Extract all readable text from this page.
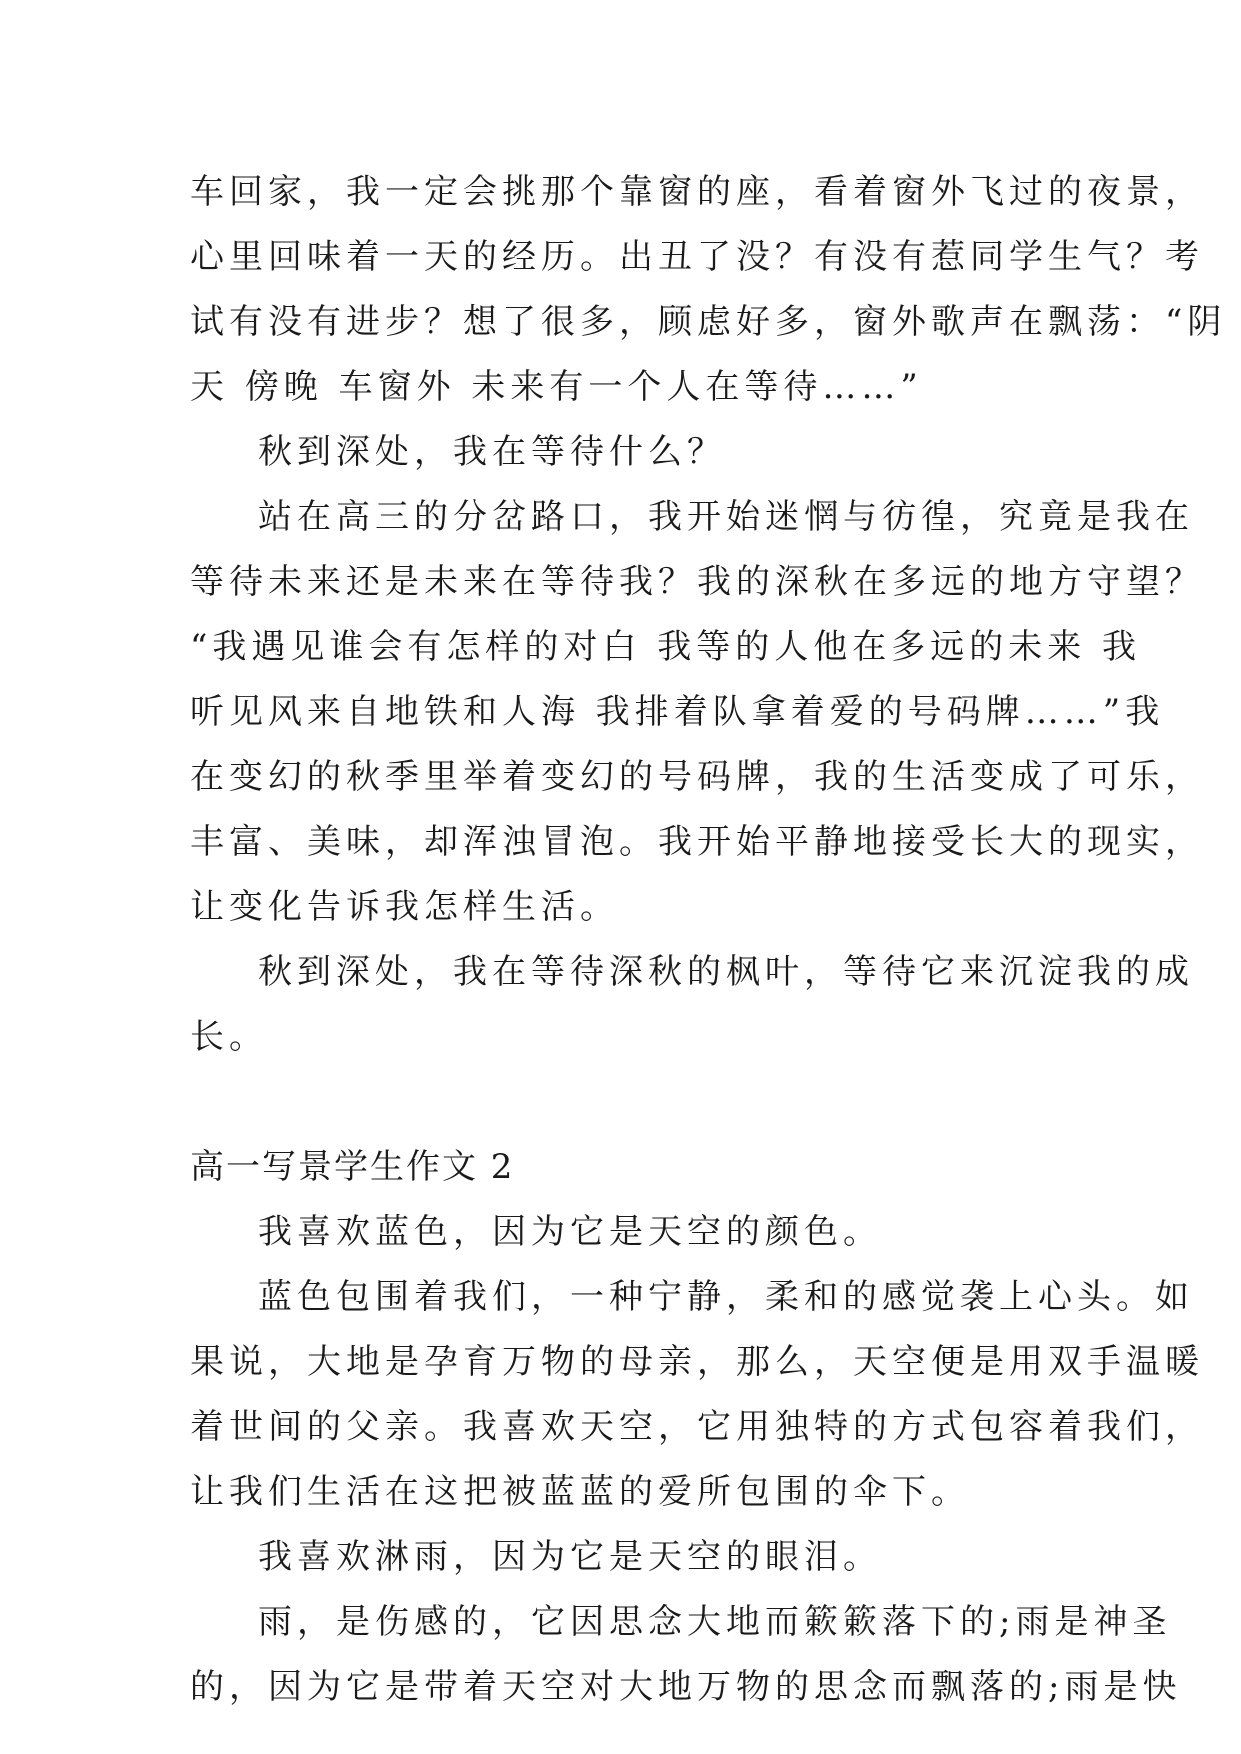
车回家，我一定会挑那个靠窗的座，看着窗外飞过的夜景，
心里回味着一天的经历。出丑了没？有没有惹同学生气？考
试有没有进步？想了很多，顾虑好多，窗外歌声在飘荡：“阴
天 傍晚 车窗外 未来有一个人在等待……”
秋到深处，我在等待什么？
站在高三的分岔路口，我开始迷惘与彷徨，究竟是我在
等待未来还是未来在等待我？我的深秋在多远的地方守望？
“我遇见谁会有怎样的对白 我等的人他在多远的未来 我
听见风来自地铁和人海 我排着队拿着爱的号码牌……”我
在变幻的秋季里举着变幻的号码牌，我的生活变成了可乐，
丰富、美味，却浑浊冒泡。我开始平静地接受长大的现实，
让变化告诉我怎样生活。
秋到深处，我在等待深秋的枫叶，等待它来沉淀我的成
长。
高一写景学生作文 2
我喜欢蓝色，因为它是天空的颜色。
蓝色包围着我们，一种宁静，柔和的感觉袭上心头。如
果说，大地是孕育万物的母亲，那么，天空便是用双手温暖
着世间的父亲。我喜欢天空，它用独特的方式包容着我们，
让我们生活在这把被蓝蓝的爱所包围的伞下。
我喜欢淋雨，因为它是天空的眼泪。
雨，是伤感的，它因思念大地而簌簌落下的;雨是神圣
的，因为它是带着天空对大地万物的思念而飘落的;雨是快
